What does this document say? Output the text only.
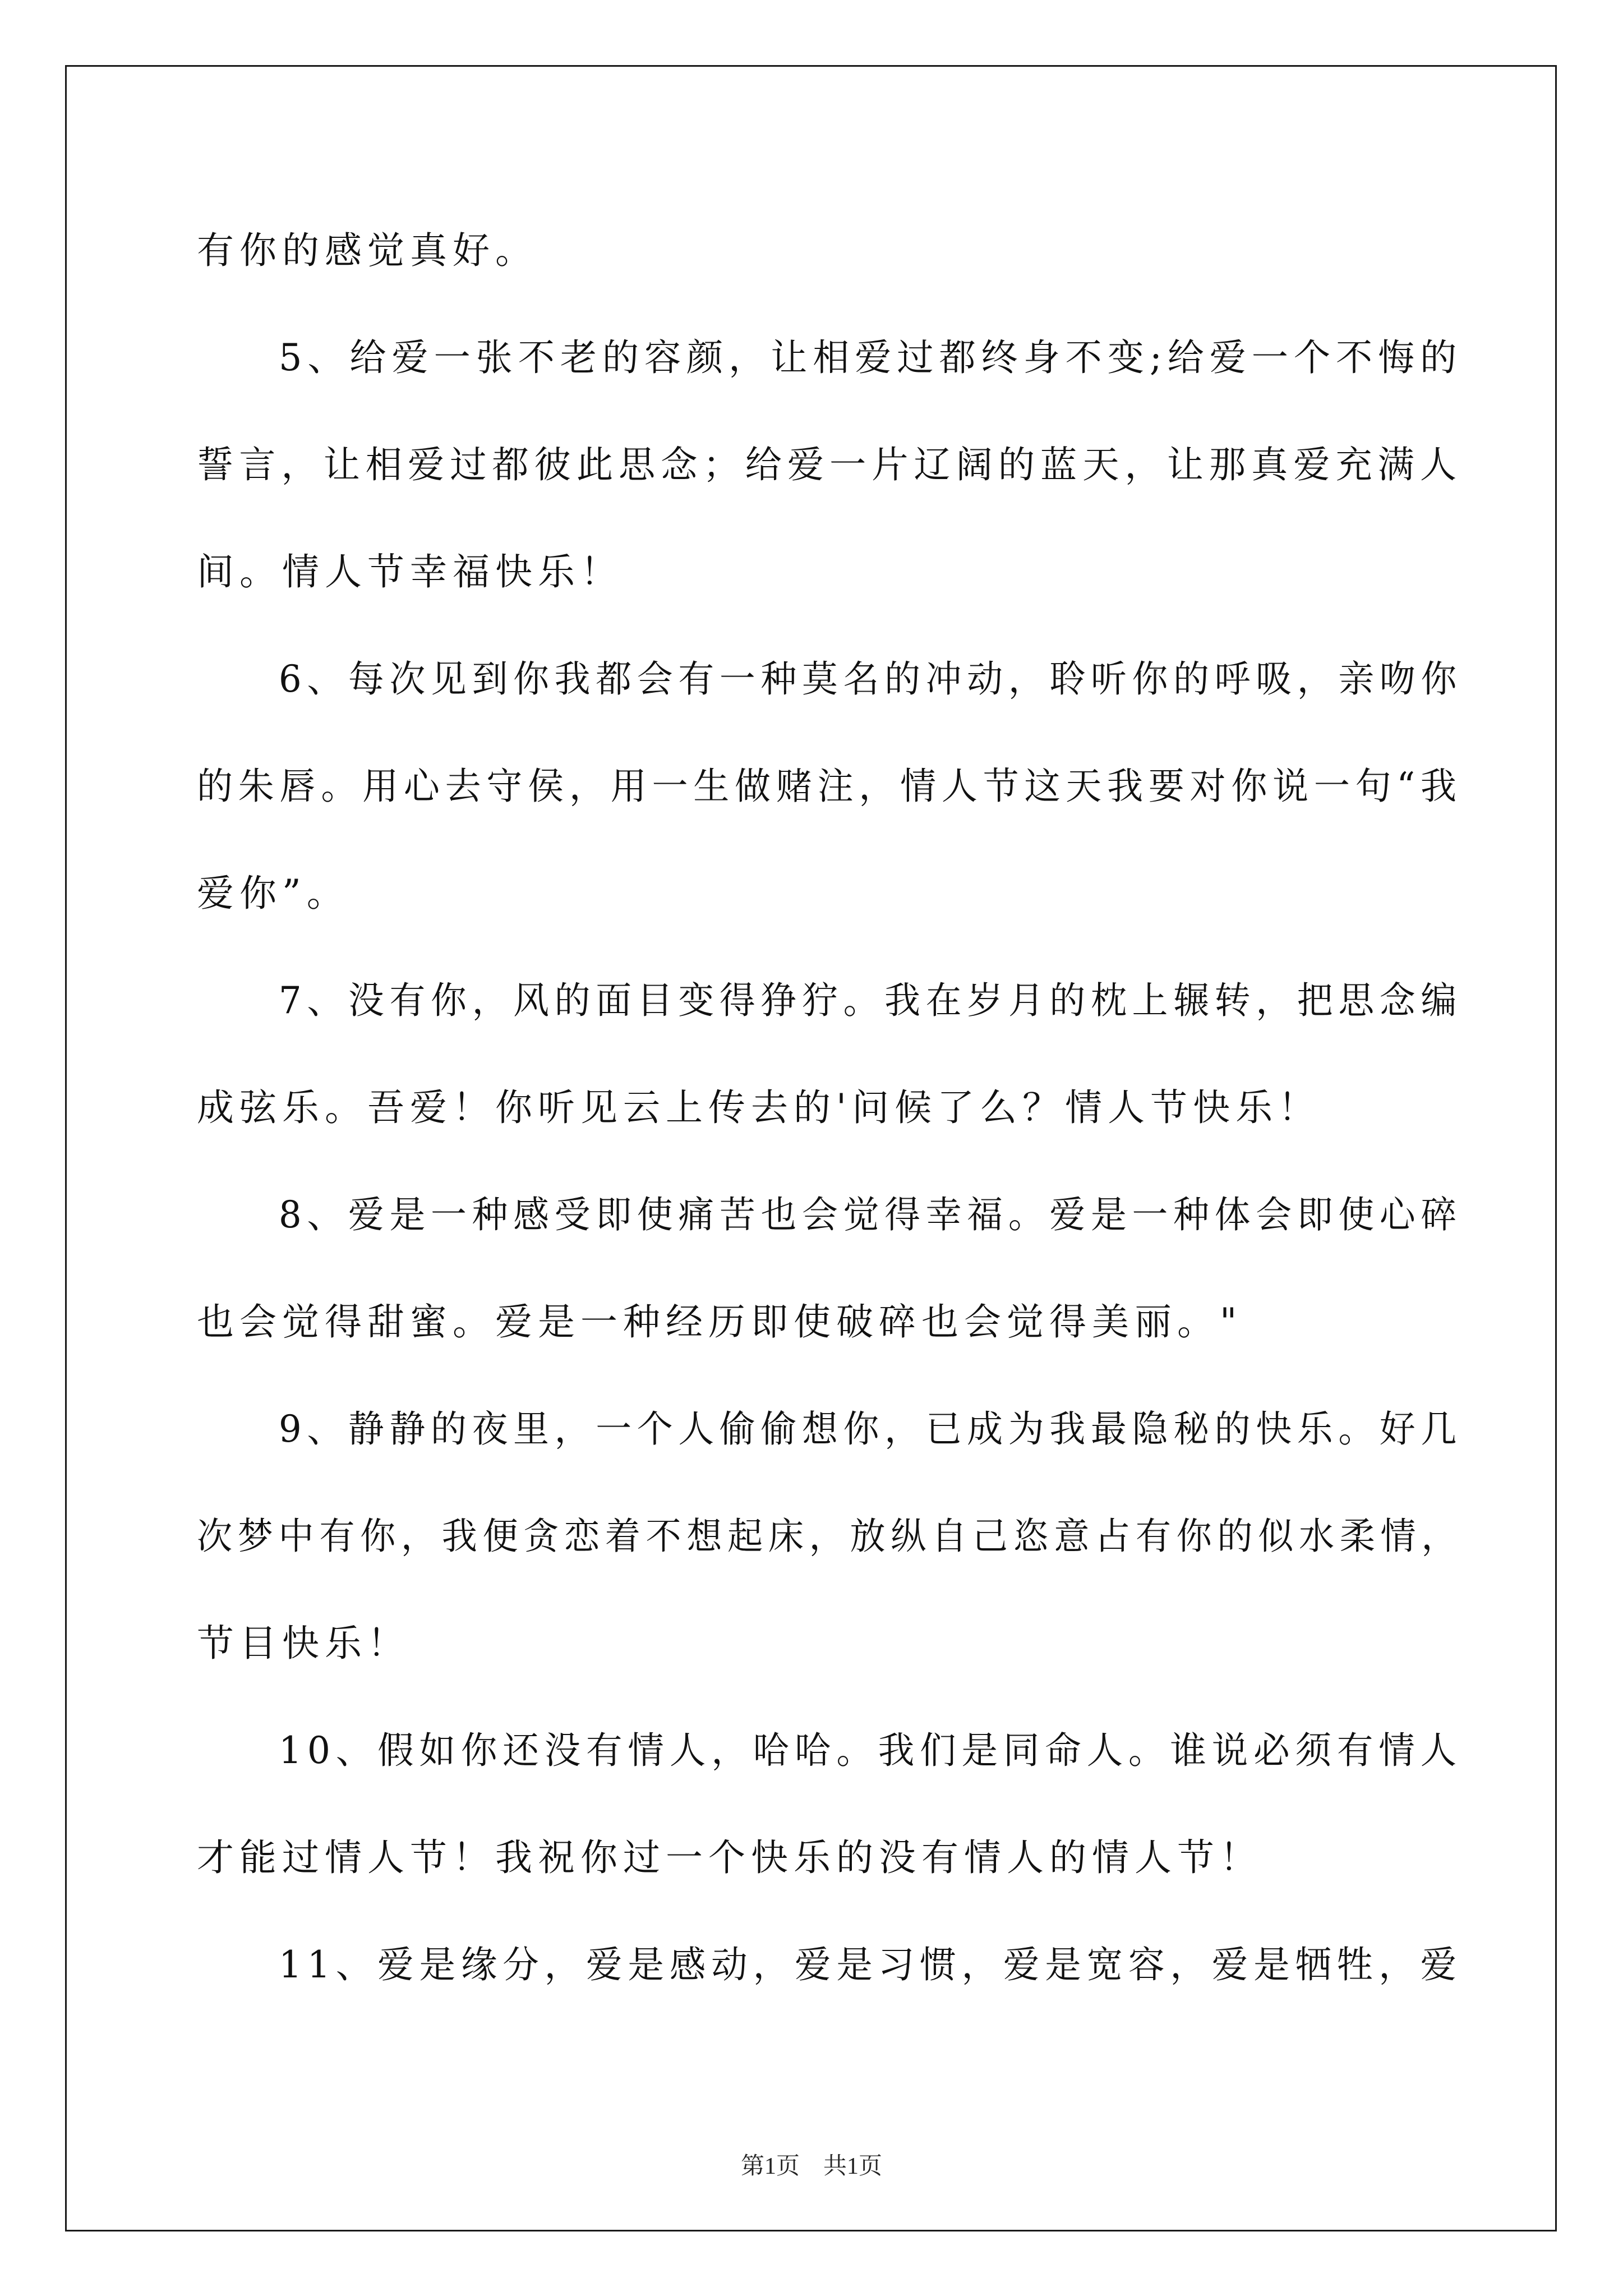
有你的感觉真好。
5、给爱一张不老的容颜，让相爱过都终身不变;给爱一个不悔的
誓言，让相爱过都彼此思念；给爱一片辽阔的蓝天，让那真爱充满人
间。情人节幸福快乐！
6、每次见到你我都会有一种莫名的冲动，聆听你的呼吸，亲吻你
的朱唇。用心去守侯，用一生做赌注，情人节这天我要对你说一句“我
爱你”。
7、没有你，风的面目变得狰狞。我在岁月的枕上辗转，把思念编
成弦乐。吾爱！你听见云上传去的'问候了么？情人节快乐！
8、爱是一种感受即使痛苦也会觉得幸福。爱是一种体会即使心碎
也会觉得甜蜜。爱是一种经历即使破碎也会觉得美丽。"
9、静静的夜里，一个人偷偷想你，已成为我最隐秘的快乐。好几
次梦中有你，我便贪恋着不想起床，放纵自己恣意占有你的似水柔情，
节目快乐！
10、假如你还没有情人，哈哈。我们是同命人。谁说必须有情人
才能过情人节！我祝你过一个快乐的没有情人的情人节！
11、爱是缘分，爱是感动，爱是习惯，爱是宽容，爱是牺牲，爱
第1页　共1页
